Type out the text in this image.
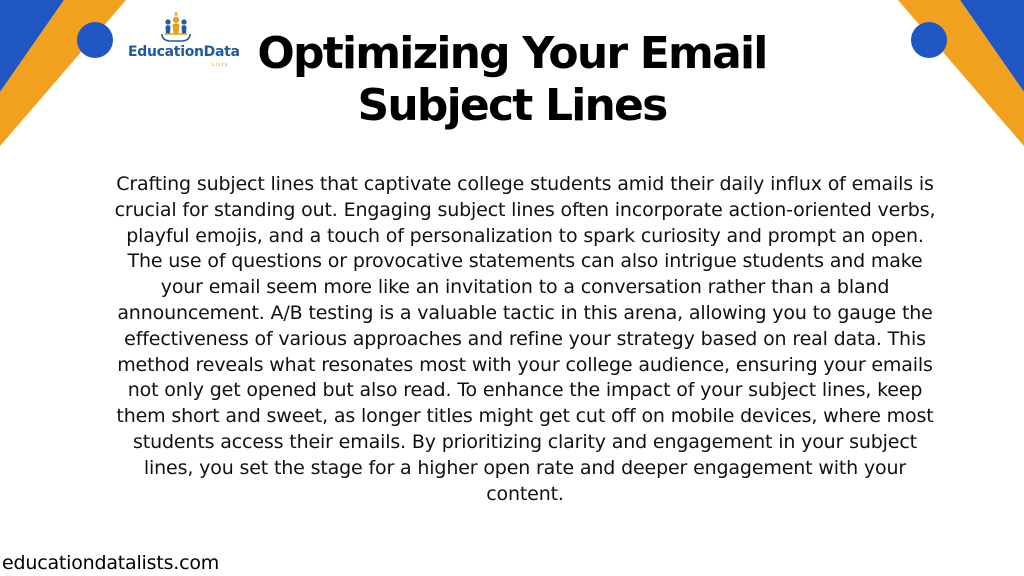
EducationData
Lists Optimizing Your Email Subject Lines

Crafting subject lines that captivate college students amid their daily influx of emails is crucial for standing out. Engaging subject lines often incorporate action-oriented verbs, playful emojis, and a touch of personalization to spark curiosity and prompt an open. The use of questions or provocative statements can also intrigue students and make your email seem more like an invitation to a conversation rather than a bland announcement. A/B testing is a valuable tactic in this arena, allowing you to gauge the effectiveness of various approaches and refine your strategy based on real data. This method reveals what resonates most with your college audience, ensuring your emails not only get opened but also read. To enhance the impact of your subject lines, keep them short and sweet, as longer titles might get cut off on mobile devices, where most students access their emails. By prioritizing clarity and engagement in your subject lines, you set the stage for a higher open rate and deeper engagement with your content.

educationdatalists.com
